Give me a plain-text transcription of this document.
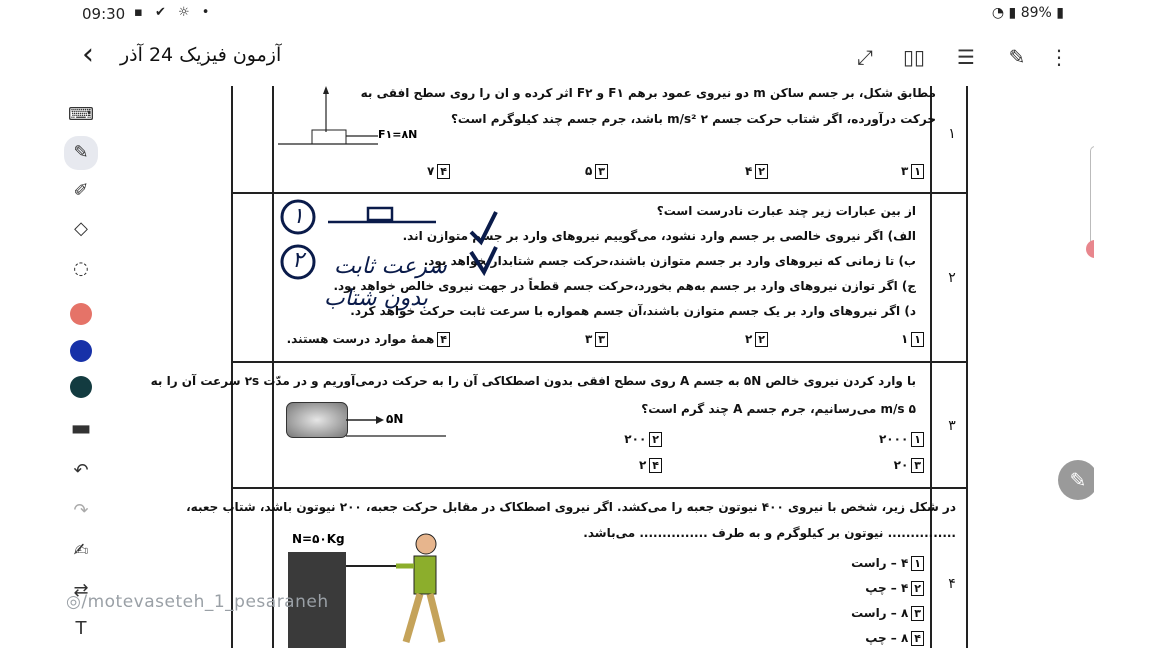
09:30 ▪ ✔ ☼ •	◔ ▮ 89% ▮
‹	آزمون فیزیک 24 آذر	⤢ ▯▯ ☰ ✎ ⋮
⌨
✎
✐
◇
◌
▬
↶
↷
✍
⇄
T
۱
F۱=۸N
مطابق شکل، بر جسم ساکن m دو نیروی عمود برهم F۱ و F۲ اثر کرده و ان را روی سطح افقی به
حرکت درآورده، اگر شتاب حرکت جسم ۲ m/s² باشد، جرم جسم چند کیلوگرم است؟
۱۳
۲۴
۳۵
۴۷
۲
از بین عبارات زیر چند عبارت نادرست است؟
الف) اگر نیروی خالصی بر جسم وارد نشود، می‌گوییم نیروهای وارد بر جسم متوازن اند.
ب) تا زمانی که نیروهای وارد بر جسم متوازن باشند،حرکت جسم شتابدارنخواهد بود.
ج) اگر توازن نیروهای وارد بر جسم به‌هم بخورد،حرکت جسم قطعاً در جهت نیروی خالص خواهد بود.
د) اگر نیروهای وارد بر یک جسم متوازن باشند،آن جسم همواره با سرعت ثابت حرکت خواهد کرد.
۱۱
۲۲
۳۳
۴همهٔ موارد درست هستند.
۱
۲ سرعت ثابت
بدون شتاب
۳
با وارد کردن نیروی خالص ۵N به جسم A روی سطح افقی بدون اصطکاکی آن را به حرکت درمی‌آوریم و در مدّت ۲s سرعت آن را به
۵ m/s می‌رسانیم، جرم جسم A چند گرم است؟
۵N
۱۲۰۰۰
۲۲۰۰
۳۲۰
۴۲
۴
در شکل زیر، شخص با نیروی ۴۰۰ نیوتون جعبه را می‌کشد. اگر نیروی اصطکاک در مقابل حرکت جعبه، ۲۰۰ نیوتون باشد، شتاب جعبه،
............... نیوتون بر کیلوگرم و به طرف ............... می‌باشد.
N=۵۰Kg
۱۴ – راست
۲۴ – چپ
۳۸ – راست
۴۸ – چپ
✎
◎/motevaseteh_1_pesaraneh
